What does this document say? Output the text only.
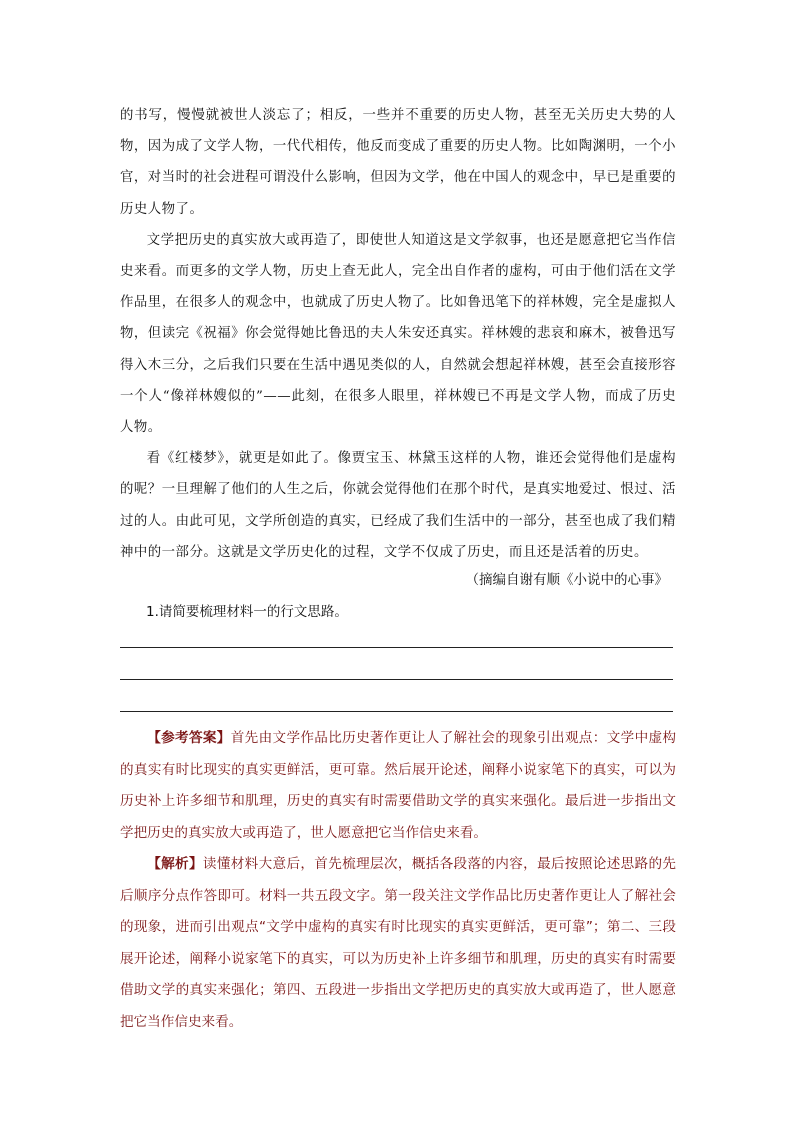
的书写，慢慢就被世人淡忘了；相反，一些并不重要的历史人物，甚至无关历史大势的人物，因为成了文学人物，一代代相传，他反而变成了重要的历史人物。比如陶渊明，一个小官，对当时的社会进程可谓没什么影响，但因为文学，他在中国人的观念中，早已是重要的历史人物了。

文学把历史的真实放大或再造了，即使世人知道这是文学叙事，也还是愿意把它当作信史来看。而更多的文学人物，历史上查无此人，完全出自作者的虚构，可由于他们活在文学作品里，在很多人的观念中，也就成了历史人物了。比如鲁迅笔下的祥林嫂，完全是虚拟人物，但读完《祝福》你会觉得她比鲁迅的夫人朱安还真实。祥林嫂的悲哀和麻木，被鲁迅写得入木三分，之后我们只要在生活中遇见类似的人，自然就会想起祥林嫂，甚至会直接形容一个人“像祥林嫂似的”——此刻，在很多人眼里，祥林嫂已不再是文学人物，而成了历史人物。

看《红楼梦》，就更是如此了。像贾宝玉、林黛玉这样的人物，谁还会觉得他们是虚构的呢？一旦理解了他们的人生之后，你就会觉得他们在那个时代，是真实地爱过、恨过、活过的人。由此可见，文学所创造的真实，已经成了我们生活中的一部分，甚至也成了我们精神中的一部分。这就是文学历史化的过程，文学不仅成了历史，而且还是活着的历史。

（摘编自谢有顺《小说中的心事》
1.请简要梳理材料一的行文思路。

【参考答案】首先由文学作品比历史著作更让人了解社会的现象引出观点：文学中虚构的真实有时比现实的真实更鲜活，更可靠。然后展开论述，阐释小说家笔下的真实，可以为历史补上许多细节和肌理，历史的真实有时需要借助文学的真实来强化。最后进一步指出文学把历史的真实放大或再造了，世人愿意把它当作信史来看。

【解析】读懂材料大意后，首先梳理层次，概括各段落的内容，最后按照论述思路的先后顺序分点作答即可。材料一共五段文字。第一段关注文学作品比历史著作更让人了解社会的现象，进而引出观点“文学中虚构的真实有时比现实的真实更鲜活，更可靠”；第二、三段展开论述，阐释小说家笔下的真实，可以为历史补上许多细节和肌理，历史的真实有时需要借助文学的真实来强化；第四、五段进一步指出文学把历史的真实放大或再造了，世人愿意把它当作信史来看。
